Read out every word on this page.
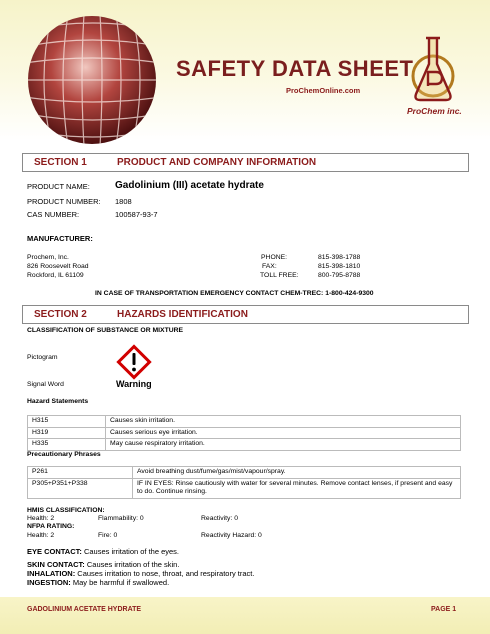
SAFETY DATA SHEET
ProChemOnline.com
ProChem inc.
SECTION 1	PRODUCT AND COMPANY INFORMATION
PRODUCT NAME:	Gadolinium (III) acetate hydrate
PRODUCT NUMBER: 1808
CAS NUMBER:	100587-93-7
MANUFACTURER:
Prochem, Inc.
826 Roosevelt Road
Rockford, IL 61109
PHONE:	815-398-1788
FAX:	815-398-1810
TOLL FREE:	800-795-8788
IN CASE OF TRANSPORTATION EMERGENCY CONTACT CHEM-TREC: 1-800-424-9300
SECTION 2	HAZARDS IDENTIFICATION
CLASSIFICATION OF SUBSTANCE OR MIXTURE
Pictogram
Signal Word	Warning
Hazard Statements
H315	Causes skin irritation.
H319	Causes serious eye irritation.
H335	May cause respiratory irritation.
Precautionary Phrases
P261	Avoid breathing dust/fume/gas/mist/vapour/spray.
P305+P351+P338	IF IN EYES: Rinse cautiously with water for several minutes. Remove contact lenses, if present and easy to do. Continue rinsing.
HMIS CLASSIFICATION:
Health: 2	Flammability: 0	Reactivity: 0
NFPA RATING:
Health: 2	Fire: 0	Reactivity Hazard: 0
EYE CONTACT: Causes irritation of the eyes.
SKIN CONTACT: Causes irritation of the skin.
INHALATION: Causes irritation to nose, throat, and respiratory tract.
INGESTION: May be harmful if swallowed.
GADOLINIUM ACETATE HYDRATE	PAGE 1
